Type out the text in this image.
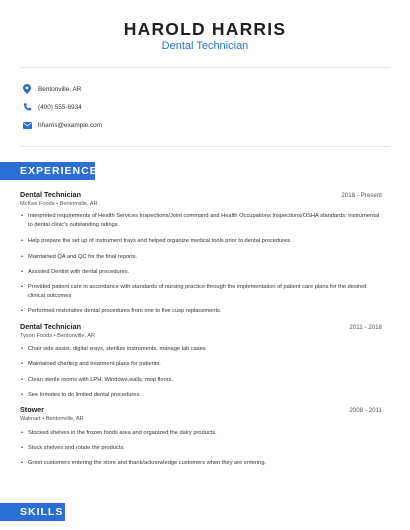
HAROLD HARRIS
Dental Technician
Bentonville, AR
(400) 555-6934
hharris@example.com
EXPERIENCE
Dental Technician	2018 - Present
McKee Foods • Bentonville, AR
• Interpreted requirements of Health Services Inspections/Joint command and Health Occupations Inspections/OSHA standards; instrumental to dental clinic's outstanding ratings.
• Help prepare the set up of instrument trays and helped organize medical tools prior to dental procedures.
• Maintained QA and QC for the final reports.
• Assisted Dentist with dental procedures.
• Provided patient care in accordance with standards of nursing practice through the implementation of patient care plans for the desired clinical outcomes
• Performed restorative dental procedures from one to five cusp replacements.
Dental Technician	2011 - 2018
Tyson Foods • Bentonville, AR
• Chair side assist, digital xrays, sterilize instruments, manage lab cases
• Maintained charting and treatment plans for patients.
• Clean sterile rooms with LPH, Windows,walls, mop floors.
• See Inmates to do limited dental procedures.
Stower	2008 - 2011
Walmart • Bentonville, AR
• Stocked shelves in the frozen foods area and organized the dairy products.
• Stock shelves and rotate the products.
• Greet customers entering the store and thank/acknowledge customers when they are entering.
SKILLS
